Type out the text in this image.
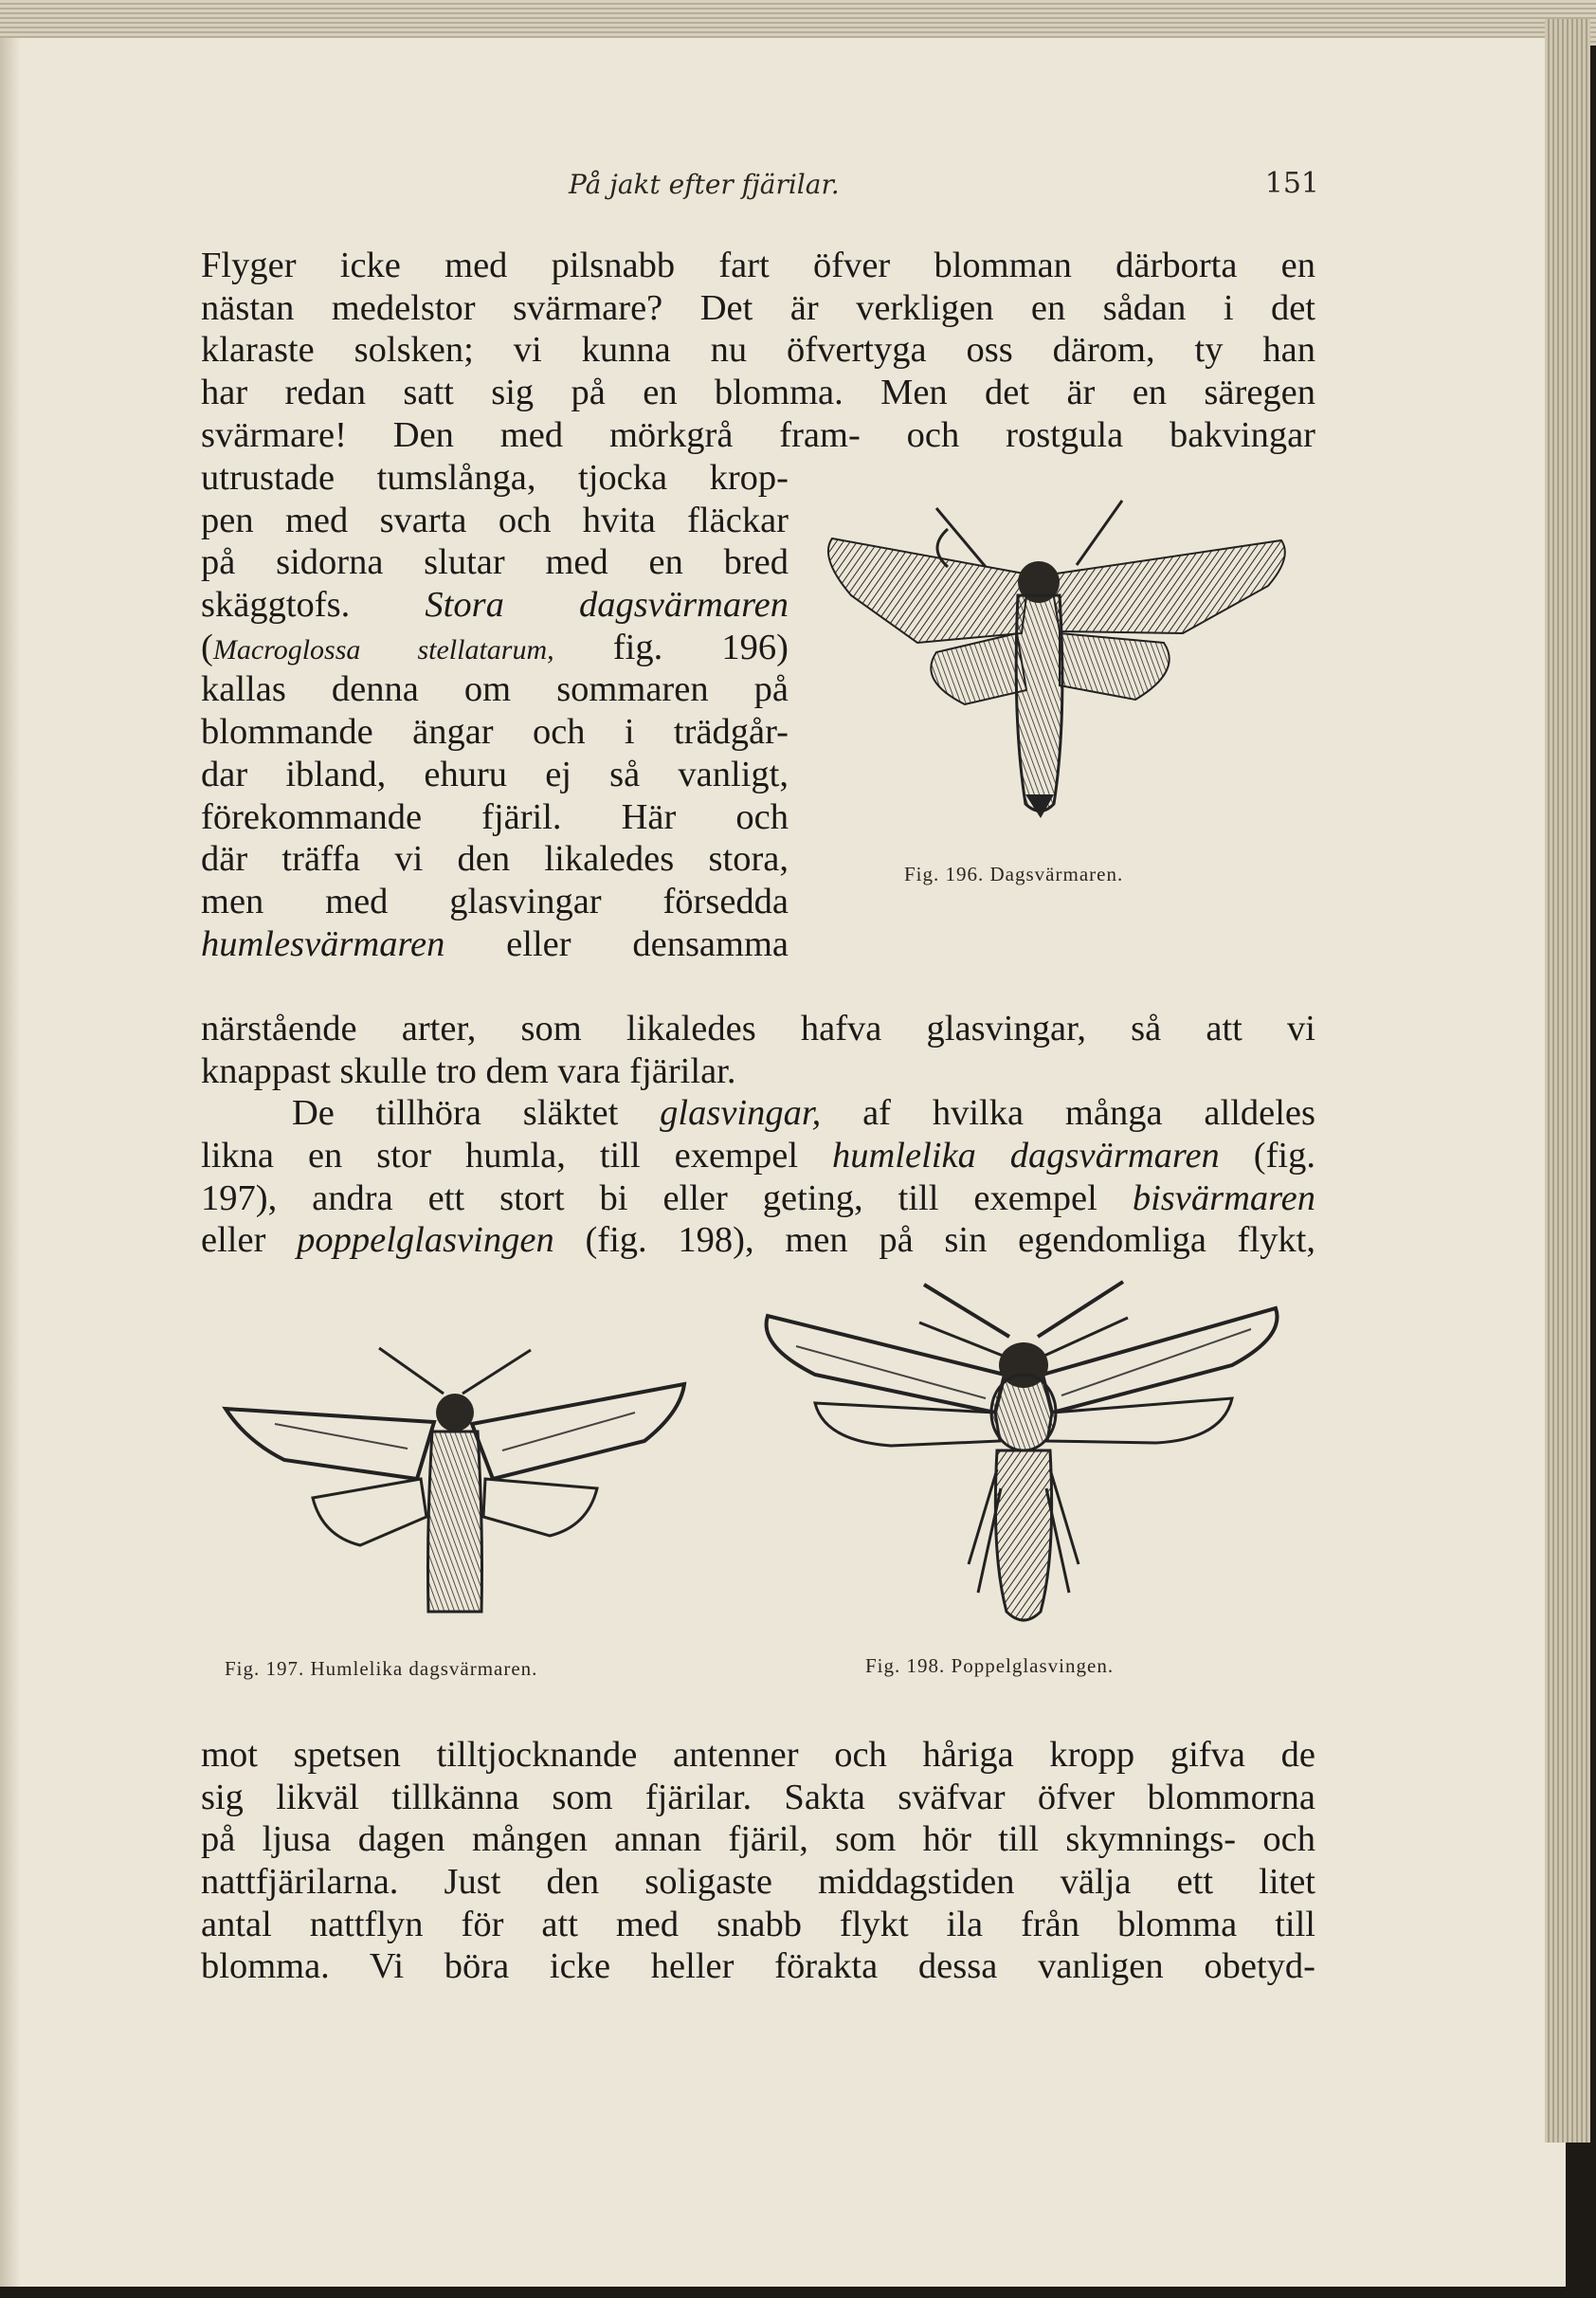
På jakt efter fjärilar.	151
Flyger icke med pilsnabb fart öfver blomman därborta en
nästan medelstor svärmare? Det är verkligen en sådan i det
klaraste solsken; vi kunna nu öfvertyga oss därom, ty han
har redan satt sig på en blomma. Men det är en säregen
svärmare! Den med mörkgrå fram- och rostgula bakvingar
utrustade tumslånga, tjocka krop-
pen med svarta och hvita fläckar
på sidorna slutar med en bred
skäggtofs. Stora dagsvärmaren
(Macroglossa stellatarum, fig. 196)
kallas denna om sommaren på
blommande ängar och i trädgår-
dar ibland, ehuru ej så vanligt,
förekommande fjäril. Här och
där träffa vi den likaledes stora,
men med glasvingar försedda
humlesvärmaren eller densamma
närstående arter, som likaledes hafva glasvingar, så att vi
knappast skulle tro dem vara fjärilar.
De tillhöra släktet glasvingar, af hvilka många alldeles
likna en stor humla, till exempel humlelika dagsvärmaren (fig.
197), andra ett stort bi eller geting, till exempel bisvärmaren
eller poppelglasvingen (fig. 198), men på sin egendomliga flykt,
mot spetsen tilltjocknande antenner och håriga kropp gifva de
sig likväl tillkänna som fjärilar. Sakta sväfvar öfver blommorna
på ljusa dagen mången annan fjäril, som hör till skymnings- och
nattfjärilarna. Just den soligaste middagstiden välja ett litet
antal nattflyn för att med snabb flykt ila från blomma till
blomma. Vi böra icke heller förakta dessa vanligen obetyd-
Fig. 196. Dagsvärmaren.
Fig. 197. Humlelika dagsvärmaren.	Fig. 198. Poppelglasvingen.
